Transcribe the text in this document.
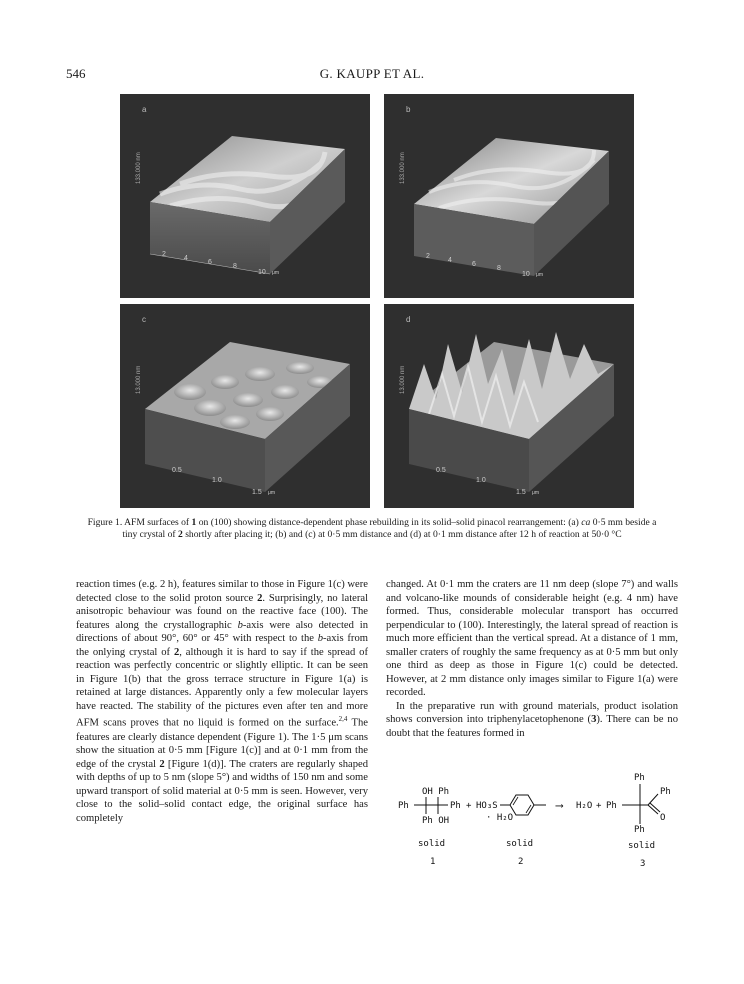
546	G. KAUPP ET AL.
a
133.000 nm
2
4
6
8
10 μm
b
133.000 nm
2
4
6
8
10 μm
c
13.000 nm
0.5
1.0
1.5 μm
d
13.000 nm
0.5
1.0
1.5 μm
Figure 1. AFM surfaces of 1 on (100) showing distance-dependent phase rebuilding in its solid–solid pinacol rearrangement: (a) ca 0·5 mm beside a tiny crystal of 2 shortly after placing it; (b) and (c) at 0·5 mm distance and (d) at 0·1 mm distance after 12 h of reaction at 50·0 °C

reaction times (e.g. 2 h), features similar to those in Figure 1(c) were detected close to the solid proton source 2. Surprisingly, no lateral anisotropic behaviour was found on the reactive face (100). The features along the crystallographic b-axis were also detected in directions of about 90°, 60° or 45° with respect to the b-axis from the onlying crystal of 2, although it is hard to say if the spread of reaction was perfectly concentric or slightly elliptic. It can be seen in Figure 1(b) that the gross terrace structure in Figure 1(a) is retained at large distances. Apparently only a few molecular layers have reacted. The stability of the pictures even after ten and more AFM scans proves that no liquid is formed on the surface.$^{2,4}$ The features are clearly distance dependent (Figure 1). The 1·5 μm scans show the situation at 0·5 mm [Figure 1(c)] and at 0·1 mm from the edge of the crystal 2 [Figure 1(d)]. The craters are regularly shaped with depths of up to 5 nm (slope 5°) and widths of 150 nm and some upward transport of solid material at 0·5 mm is seen. However, very close to the solid–solid contact edge, the original surface has completely

changed. At 0·1 mm the craters are 11 nm deep (slope 7°) and walls and volcano-like mounds of considerable height (e.g. 4 nm) have formed. Thus, considerable molecular transport has occurred perpendicular to (100). Interestingly, the lateral spread of reaction is much more efficient than the vertical spread. At a distance of 1 mm, smaller craters of roughly the same frequency as at 0·5 mm but only one third as deep as those in Figure 1(c) could be detected. However, at 2 mm distance only images similar to Figure 1(a) were recorded.

In the preparative run with ground materials, product isolation shows conversion into triphenylacetophenone (3). There can be no doubt that the features formed in

OH Ph
Ph	Ph
Ph OH
+ HO₃S
· H₂O
⟶ H₂O + Ph
Ph
Ph
O
Ph
solid	solid	solid
1	2	3
